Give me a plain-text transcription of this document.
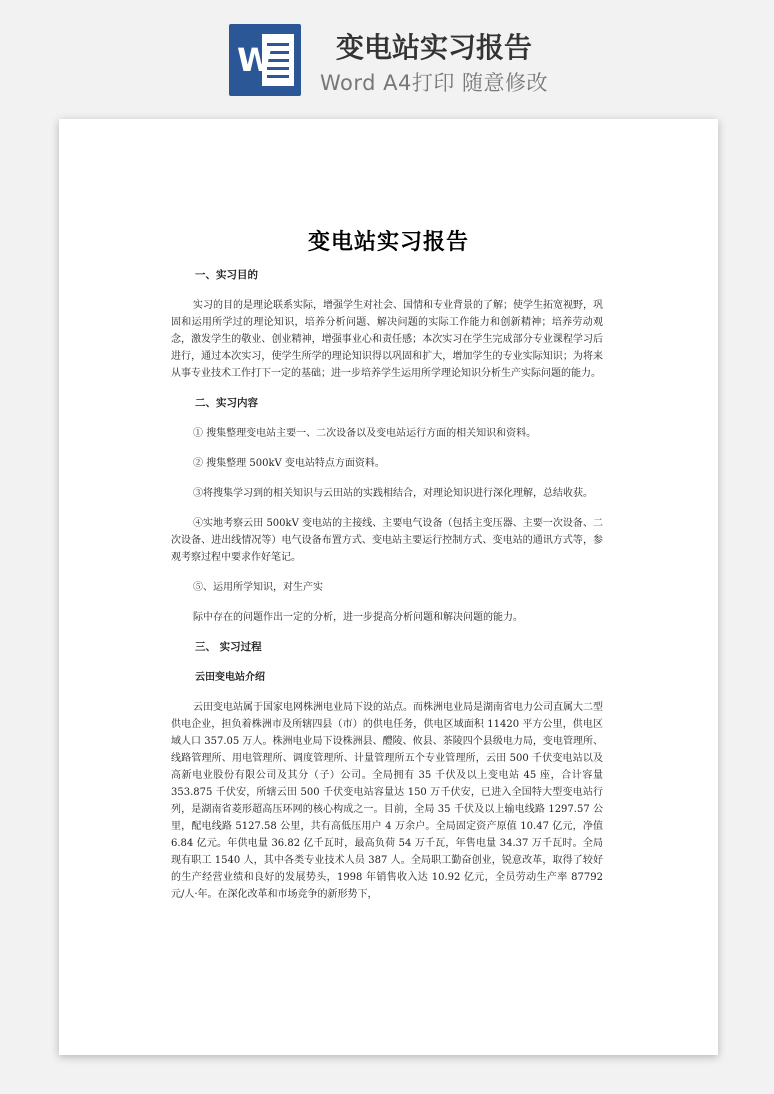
W 变电站实习报告
Word A4打印 随意修改
变电站实习报告
一、实习目的
实习的目的是理论联系实际，增强学生对社会、国情和专业背景的了解；使学生拓宽视野，巩固和运用所学过的理论知识，培养分析问题、解决问题的实际工作能力和创新精神；培养劳动观念，激发学生的敬业、创业精神，增强事业心和责任感；本次实习在学生完成部分专业课程学习后进行，通过本次实习，使学生所学的理论知识得以巩固和扩大，增加学生的专业实际知识；为将来从事专业技术工作打下一定的基础；进一步培养学生运用所学理论知识分析生产实际问题的能力。
二、实习内容
① 搜集整理变电站主要一、二次设备以及变电站运行方面的相关知识和资料。
② 搜集整理 500kV 变电站特点方面资料。
③将搜集学习到的相关知识与云田站的实践相结合，对理论知识进行深化理解，总结收获。
④实地考察云田 500kV 变电站的主接线、主要电气设备（包括主变压器、主要一次设备、二次设备、进出线情况等）电气设备布置方式、变电站主要运行控制方式、变电站的通讯方式等，参观考察过程中要求作好笔记。
⑤、运用所学知识，对生产实
际中存在的问题作出一定的分析，进一步提高分析问题和解决问题的能力。
三、 实习过程
云田变电站介绍
云田变电站属于国家电网株洲电业局下设的站点。而株洲电业局是湖南省电力公司直属大二型供电企业，担负着株洲市及所辖四县（市）的供电任务，供电区域面积 11420 平方公里，供电区域人口 357.05 万人。株洲电业局下设株洲县、醴陵、攸县、茶陵四个县级电力局，变电管理所、线路管理所、用电管理所、调度管理所、计量管理所五个专业管理所，云田 500 千伏变电站以及高新电业股份有限公司及其分（子）公司。全局拥有 35 千伏及以上变电站 45 座，合计容量 353.875 千伏安，所辖云田 500 千伏变电站容量达 150 万千伏安，已进入全国特大型变电站行列，是湖南省菱形超高压环网的核心构成之一。目前，全局 35 千伏及以上输电线路 1297.57 公里，配电线路 5127.58 公里，共有高低压用户 4 万余户。全局固定资产原值 10.47 亿元，净值 6.84 亿元。年供电量 36.82 亿千瓦时，最高负荷 54 万千瓦，年售电量 34.37 万千瓦时。全局现有职工 1540 人，其中各类专业技术人员 387 人。全局职工勤奋创业，锐意改革，取得了较好的生产经营业绩和良好的发展势头，1998 年销售收入达 10.92 亿元，全员劳动生产率 87792 元/人·年。在深化改革和市场竞争的新形势下，
